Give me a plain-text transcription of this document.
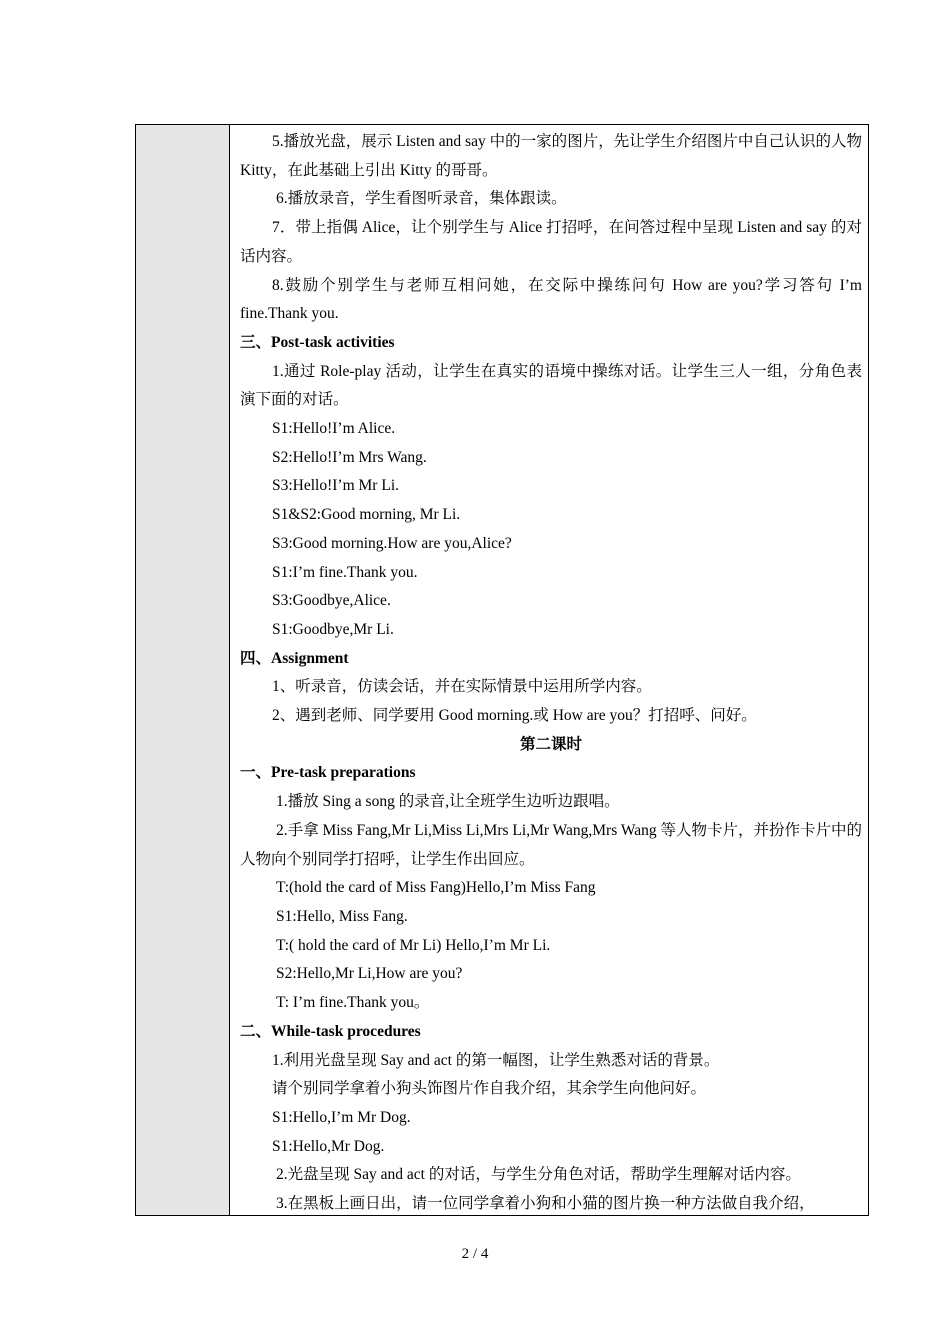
5.播放光盘，展示 Listen and say 中的一家的图片，先让学生介绍图片中自己认识的人物 Kitty，在此基础上引出 Kitty 的哥哥。

6.播放录音，学生看图听录音，集体跟读。

7．带上指偶 Alice，让个别学生与 Alice 打招呼，在问答过程中呈现 Listen and say 的对话内容。

8.鼓励个别学生与老师互相问她，在交际中操练问句 How are you?学习答句 I’m fine.Thank you.

三、Post-task activities

1.通过 Role-play 活动，让学生在真实的语境中操练对话。让学生三人一组，分角色表演下面的对话。

S1:Hello!I’m Alice.

S2:Hello!I’m Mrs Wang.

S3:Hello!I’m Mr Li.

S1&S2:Good morning, Mr Li.

S3:Good morning.How are you,Alice?

S1:I’m fine.Thank you.

S3:Goodbye,Alice.

S1:Goodbye,Mr Li.

四、Assignment

1、听录音，仿读会话，并在实际情景中运用所学内容。

2、遇到老师、同学要用 Good morning.或 How are you？打招呼、问好。

第二课时

一、Pre-task preparations

1.播放 Sing a song 的录音,让全班学生边听边跟唱。

2.手拿 Miss Fang,Mr Li,Miss Li,Mrs Li,Mr Wang,Mrs Wang 等人物卡片，并扮作卡片中的人物向个别同学打招呼，让学生作出回应。

T:(hold the card of Miss Fang)Hello,I’m Miss Fang

S1:Hello, Miss Fang.

T:( hold the card of Mr Li) Hello,I’m Mr Li.

S2:Hello,Mr Li,How are you?

T: I’m fine.Thank you。

二、While-task procedures

1.利用光盘呈现 Say and act 的第一幅图，让学生熟悉对话的背景。

请个别同学拿着小狗头饰图片作自我介绍，其余学生向他问好。

S1:Hello,I’m Mr Dog.

S1:Hello,Mr Dog.

2.光盘呈现 Say and act 的对话，与学生分角色对话，帮助学生理解对话内容。

3.在黑板上画日出，请一位同学拿着小狗和小猫的图片换一种方法做自我介绍，

2 / 4
